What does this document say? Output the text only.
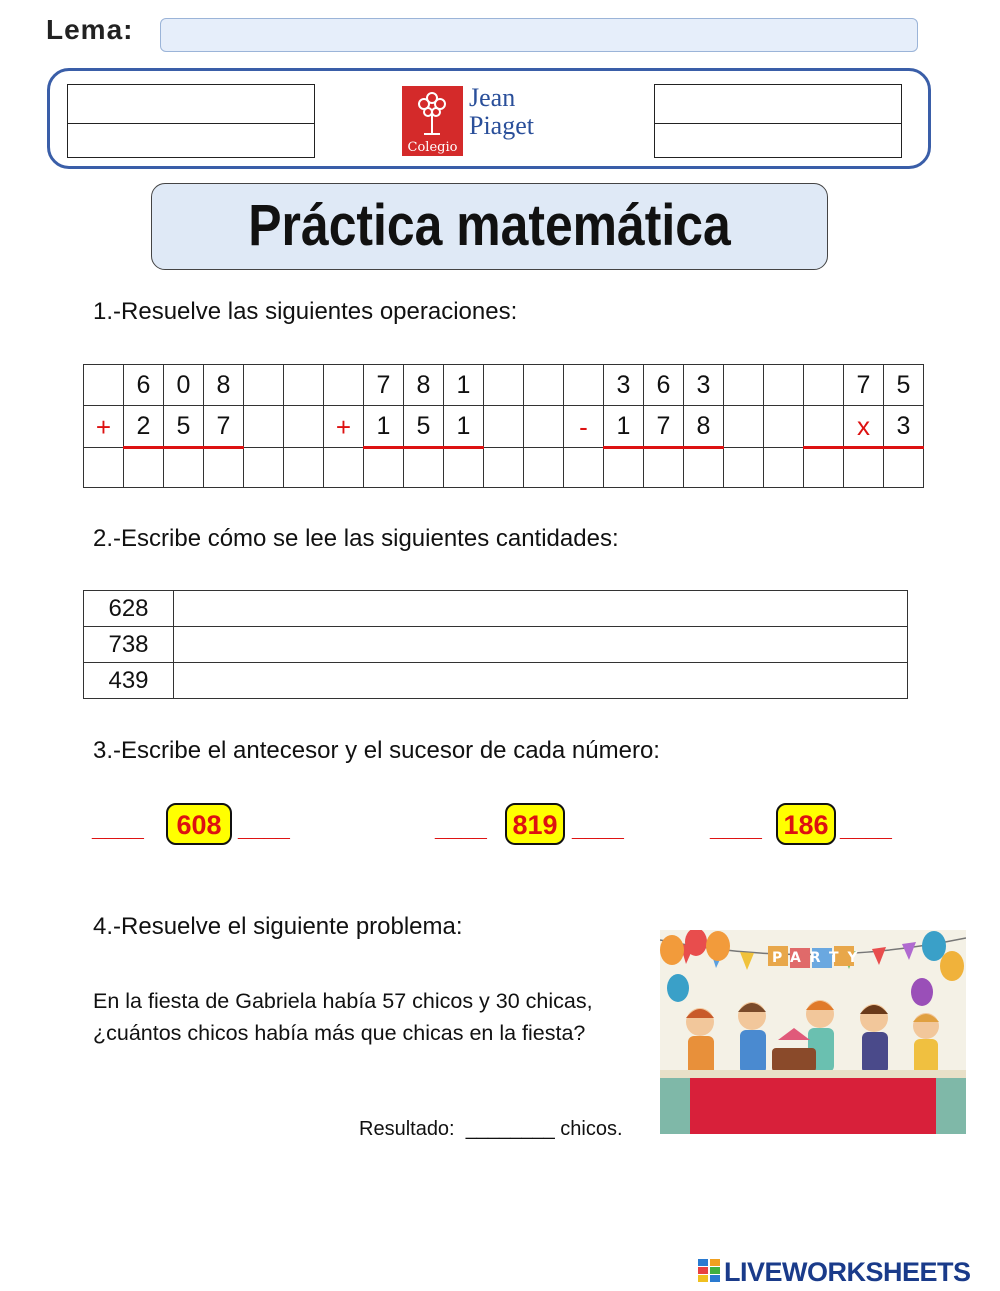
Lema:
Colegio
Jean
Piaget
Práctica matemática
1.-Resuelve las siguientes operaciones:
	6	0	8				7	8	1				3	6	3				7	5
+	2	5	7			+	1	5	1			-	1	7	8				x	3

2.-Escribe cómo se lee las siguientes cantidades:
628	
738	
439	
3.-Escribe el antecesor y el sucesor de cada número:
____	608 ____	____ 819 ____	____ 186 ____
4.-Resuelve el siguiente problema:
En la fiesta de Gabriela había 57 chicos y 30 chicas,
¿cuántos chicos había más que chicas en la fiesta?
Resultado: ________ chicos.
PARTY
LIVEWORKSHEETS
